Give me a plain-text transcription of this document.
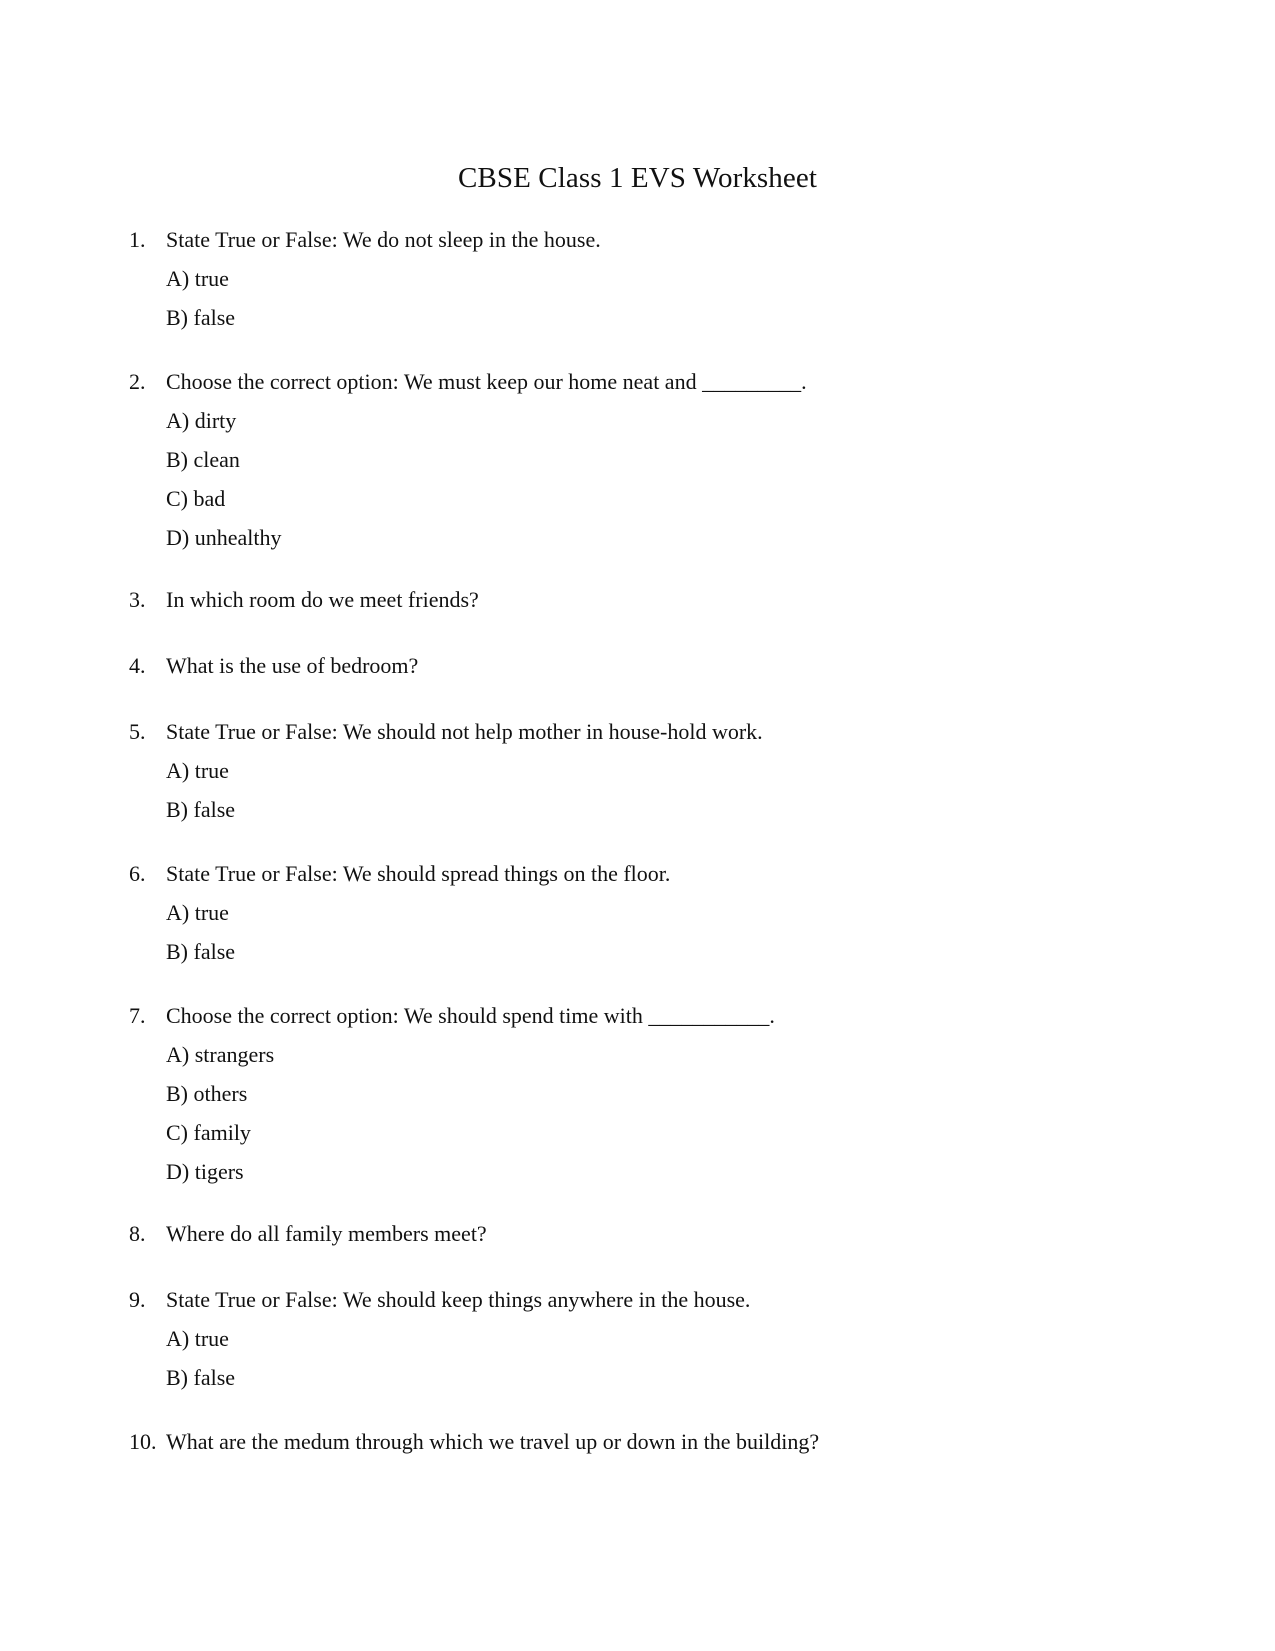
CBSE Class 1 EVS Worksheet
1. State True or False: We do not sleep in the house.
A) true
B) false
2. Choose the correct option: We must keep our home neat and _________.
A) dirty
B) clean
C) bad
D) unhealthy
3. In which room do we meet friends?
4. What is the use of bedroom?
5. State True or False: We should not help mother in house-hold work.
A) true
B) false
6. State True or False: We should spread things on the floor.
A) true
B) false
7. Choose the correct option: We should spend time with ___________.
A) strangers
B) others
C) family
D) tigers
8. Where do all family members meet?
9. State True or False: We should keep things anywhere in the house.
A) true
B) false
10. What are the medum through which we travel up or down in the building?
